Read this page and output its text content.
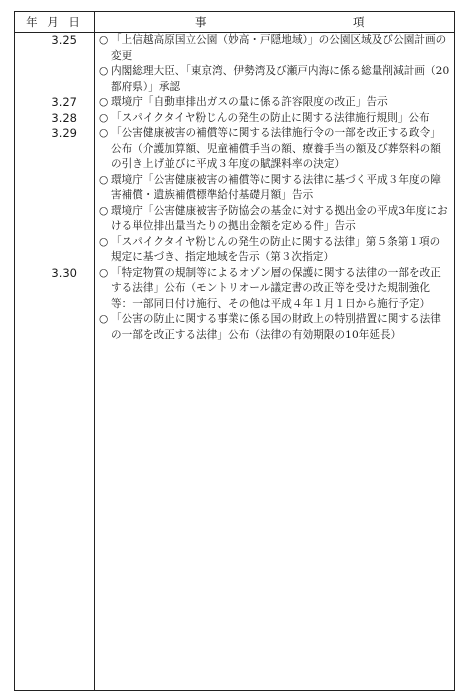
年 月 日	事	項
3.25 ○ 「上信越高原国立公園（妙高・戸隠地域）」の公園区域及び公園計画の変更
○ 内閣総理大臣、「東京湾、伊勢湾及び瀬戸内海に係る総量削減計画（20都府県）」承認
3.27 ○ 環境庁「自動車排出ガスの量に係る許容限度の改正」告示
3.28 ○ 「スパイクタイヤ粉じんの発生の防止に関する法律施行規則」公布
3.29 ○ 「公害健康被害の補償等に関する法律施行令の一部を改正する政令」公布（介護加算額、児童補償手当の額、療養手当の額及び葬祭料の額の引き上げ並びに平成３年度の賦課料率の決定）
○ 環境庁「公害健康被害の補償等に関する法律に基づく平成３年度の障害補償・遺族補償標準給付基礎月額」告示
○ 環境庁「公害健康被害予防協会の基金に対する拠出金の平成3年度における単位排出量当たりの拠出金額を定める件」告示
○ 「スパイクタイヤ粉じんの発生の防止に関する法律」第５条第１項の規定に基づき、指定地域を告示（第３次指定）
3.30 ○ 「特定物質の規制等によるオゾン層の保護に関する法律の一部を改正する法律」公布（モントリオール議定書の改正等を受けた規制強化等：一部同日付け施行、その他は平成４年１月１日から施行予定）
○ 「公害の防止に関する事業に係る国の財政上の特別措置に関する法律の一部を改正する法律」公布（法律の有効期限の10年延長）
